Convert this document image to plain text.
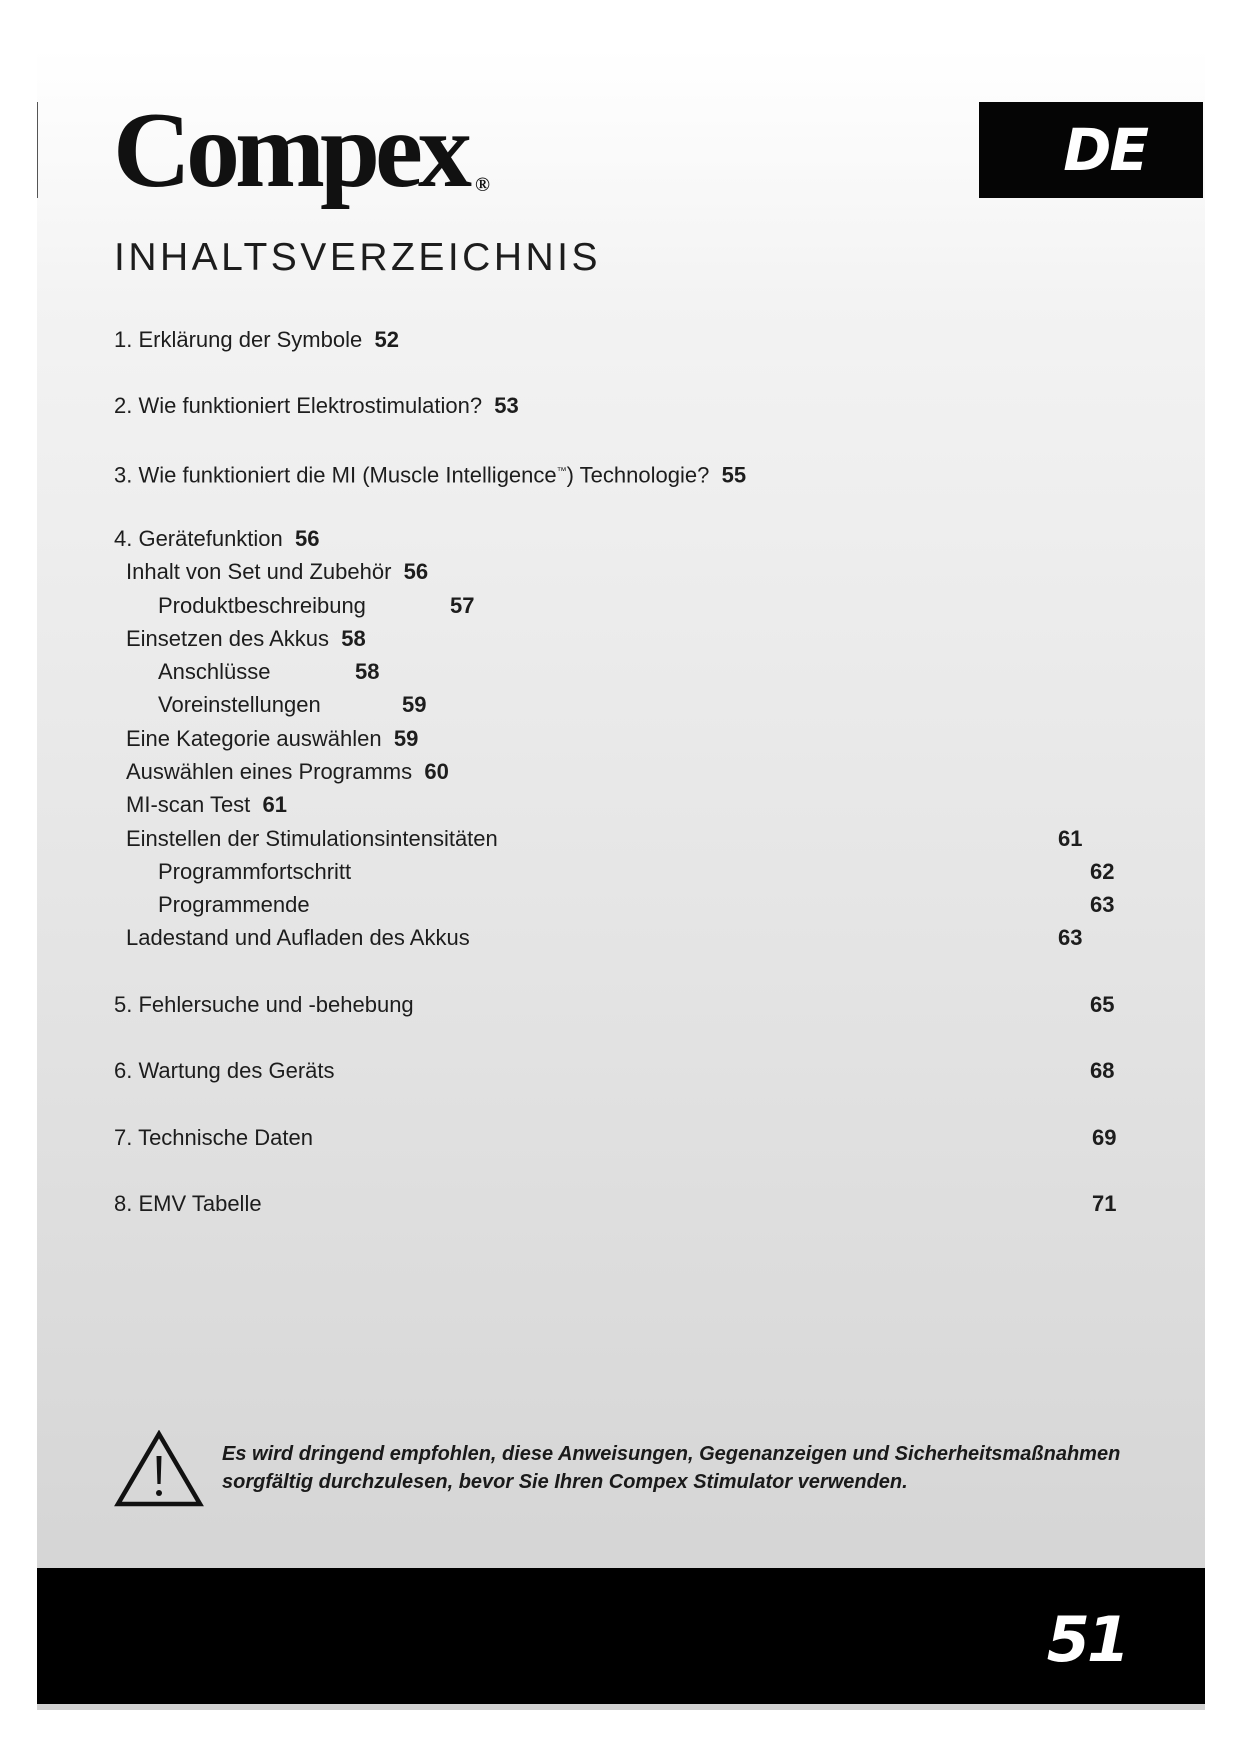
Compex ®
DE
INHALTSVERZEICHNIS
1. Erklärung der Symbole 52
2. Wie funktioniert Elektrostimulation? 53
3. Wie funktioniert die MI (Muscle Intelligence™) Technologie? 55
4. Gerätefunktion 56
Inhalt von Set und Zubehör 56
Produktbeschreibung	57
Einsetzen des Akkus 58
Anschlüsse	58
Voreinstellungen	59
Eine Kategorie auswählen 59
Auswählen eines Programms 60
MI-scan Test 61
Einstellen der Stimulationsintensitäten	61
Programmfortschritt	62
Programmende	63
Ladestand und Aufladen des Akkus	63
5. Fehlersuche und -behebung	65
6. Wartung des Geräts	68
7. Technische Daten	69
8. EMV Tabelle	71
Es wird dringend empfohlen, diese Anweisungen, Gegenanzeigen und Sicherheitsmaßnahmen sorgfältig durchzulesen, bevor Sie Ihren Compex Stimulator verwenden.
51
